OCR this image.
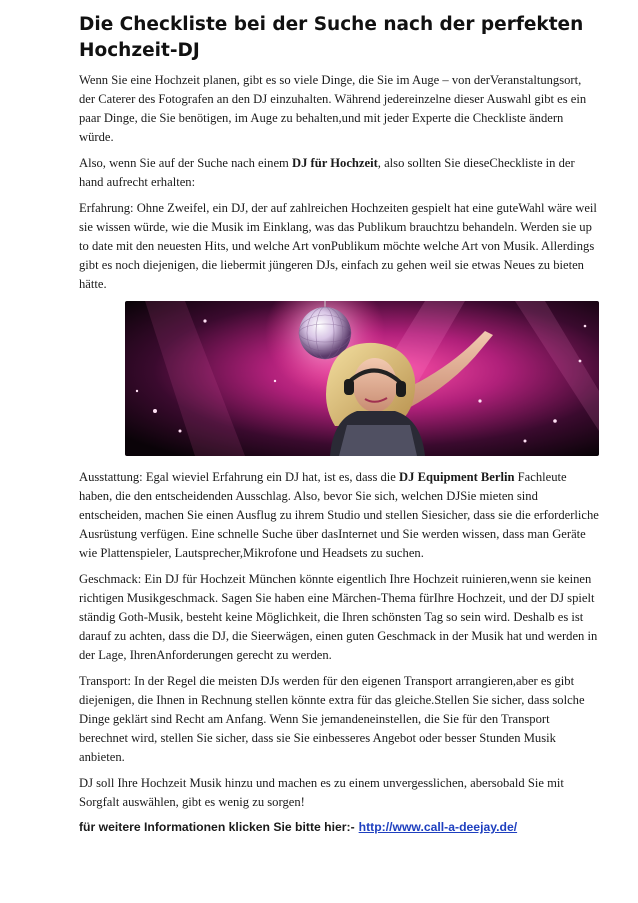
Die Checkliste bei der Suche nach der perfekten Hochzeit-DJ

Wenn Sie eine Hochzeit planen, gibt es so viele Dinge, die Sie im Auge – von derVeranstaltungsort, der Caterer des Fotografen an den DJ einzuhalten. Während jedereinzelne dieser Auswahl gibt es ein paar Dinge, die Sie benötigen, im Auge zu behalten,und mit jeder Experte die Checkliste ändern würde.

Also, wenn Sie auf der Suche nach einem DJ für Hochzeit, also sollten Sie dieseCheckliste in der hand aufrecht erhalten:

Erfahrung: Ohne Zweifel, ein DJ, der auf zahlreichen Hochzeiten gespielt hat eine guteWahl wäre weil sie wissen würde, wie die Musik im Einklang, was das Publikum brauchtzu behandeln. Werden sie up to date mit den neuesten Hits, und welche Art vonPublikum möchte welche Art von Musik. Allerdings gibt es noch diejenigen, die liebermit jüngeren DJs, einfach zu gehen weil sie etwas Neues zu bieten hätte.

Ausstattung: Egal wieviel Erfahrung ein DJ hat, ist es, dass die DJ Equipment Berlin Fachleute haben, die den entscheidenden Ausschlag. Also, bevor Sie sich, welchen DJSie mieten sind entscheiden, machen Sie einen Ausflug zu ihrem Studio und stellen Siesicher, dass sie die erforderliche Ausrüstung verfügen. Eine schnelle Suche über dasInternet und Sie werden wissen, dass man Geräte wie Plattenspieler, Lautsprecher,Mikrofone und Headsets zu suchen.

Geschmack: Ein DJ für Hochzeit München könnte eigentlich Ihre Hochzeit ruinieren,wenn sie keinen richtigen Musikgeschmack. Sagen Sie haben eine Märchen-Thema fürIhre Hochzeit, und der DJ spielt ständig Goth-Musik, besteht keine Möglichkeit, die Ihren schönsten Tag so sein wird. Deshalb es ist darauf zu achten, dass die DJ, die Sieerwägen, einen guten Geschmack in der Musik hat und werden in der Lage, IhrenAnforderungen gerecht zu werden.

Transport: In der Regel die meisten DJs werden für den eigenen Transport arrangieren,aber es gibt diejenigen, die Ihnen in Rechnung stellen könnte extra für das gleiche.Stellen Sie sicher, dass solche Dinge geklärt sind Recht am Anfang. Wenn Sie jemandeneinstellen, die Sie für den Transport berechnet wird, stellen Sie sicher, dass sie Sie einbesseres Angebot oder besser Stunden Musik anbieten.

DJ soll Ihre Hochzeit Musik hinzu und machen es zu einem unvergesslichen, abersobald Sie mit Sorgfalt auswählen, gibt es wenig zu sorgen!

für weitere Informationen klicken Sie bitte hier:- http://www.call-a-deejay.de/
